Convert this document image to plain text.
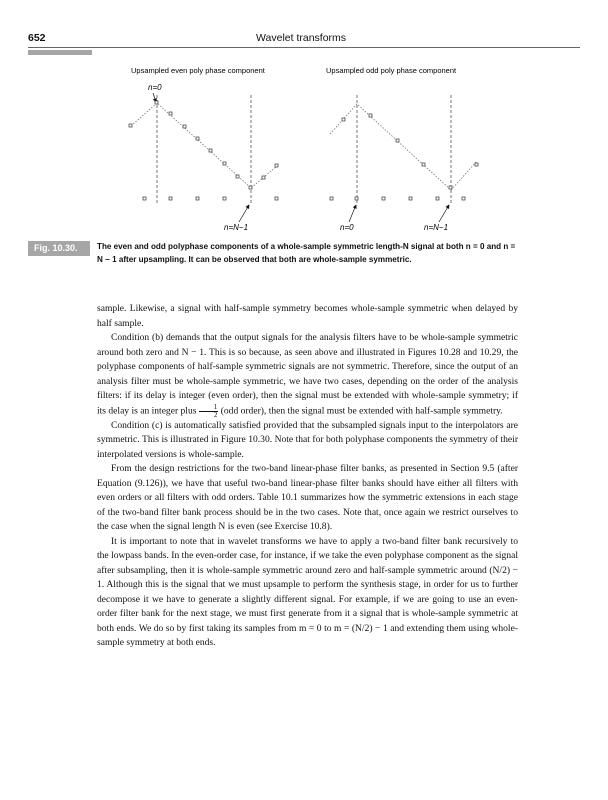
652	Wavelet transforms
Upsampled even poly phase component
n=0
n=N−1
Upsampled odd poly phase component
n=0	n=N−1
Fig. 10.30.	The even and odd polyphase components of a whole-sample symmetric length-N signal at both n = 0 and n = N − 1 after upsampling. It can be observed that both are whole-sample symmetric.

sample. Likewise, a signal with half-sample symmetry becomes whole-sample symmetric when delayed by half sample.

Condition (b) demands that the output signals for the analysis filters have to be whole-sample symmetric around both zero and N − 1. This is so because, as seen above and illustrated in Figures 10.28 and 10.29, the polyphase components of half-sample symmetric signals are not symmetric. Therefore, since the output of an analysis filter must be whole-sample symmetric, we have two cases, depending on the order of the analysis filters: if its delay is integer (even order), then the signal must be extended with whole-sample symmetry; if its delay is an integer plus $\frac{1}{2} (odd$ order), then the signal must be extended with half-sample symmetry.

Condition (c) is automatically satisfied provided that the subsampled signals input to the interpolators are symmetric. This is illustrated in Figure 10.30. Note that for both polyphase components the symmetry of their interpolated versions is whole-sample.

From the design restrictions for the two-band linear-phase filter banks, as presented in Section 9.5 (after Equation (9.126)), we have that useful two-band linear-phase filter banks should have either all filters with even orders or all filters with odd orders. Table 10.1 summarizes how the symmetric extensions in each stage of the two-band filter bank process should be in the two cases. Note that, once again we restrict ourselves to the case when the signal length N is even (see Exercise 10.8).

It is important to note that in wavelet transforms we have to apply a two-band filter bank recursively to the lowpass bands. In the even-order case, for instance, if we take the even polyphase component as the signal after subsampling, then it is whole-sample symmetric around zero and half-sample symmetric around (N/2) − 1. Although this is the signal that we must upsample to perform the synthesis stage, in order for us to further decompose it we have to generate a slightly different signal. For example, if we are going to use an even-order filter bank for the next stage, we must first generate from it a signal that is whole-sample symmetric at both ends. We do so by first taking its samples from m = 0 to m = (N/2) − 1 and extending them using whole-sample symmetry at both ends.
